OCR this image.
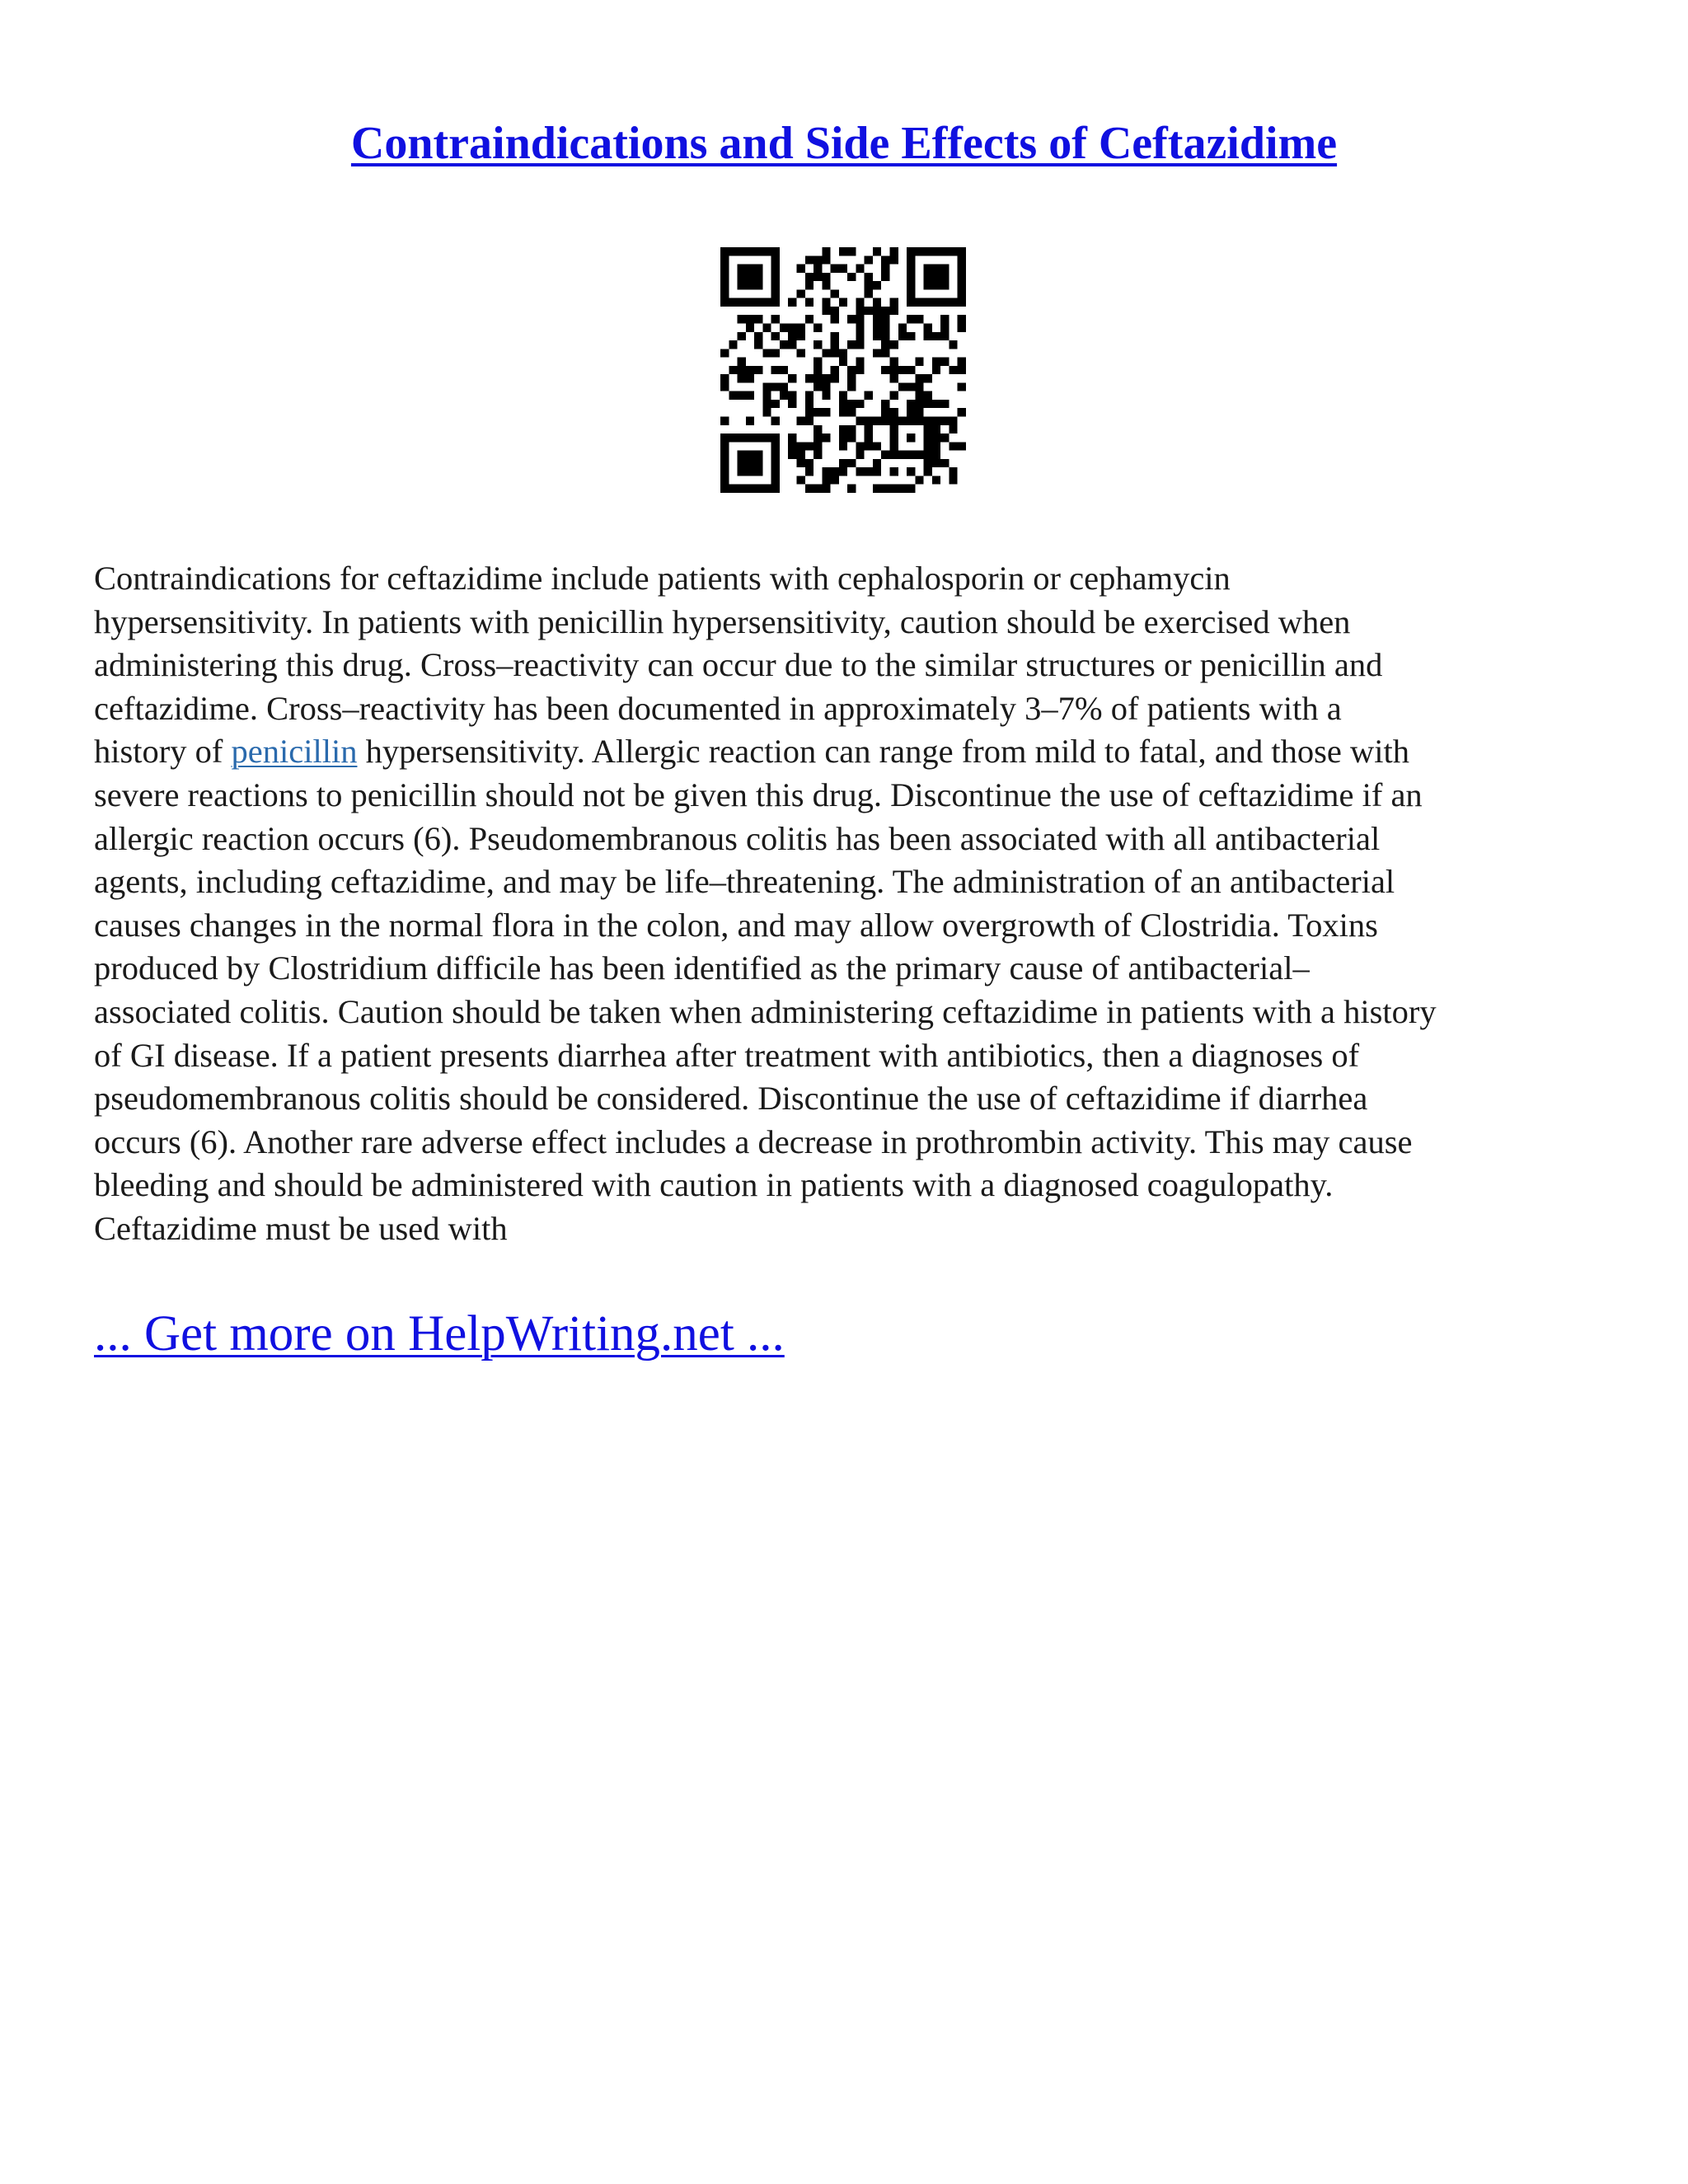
Contraindications and Side Effects of Ceftazidime
Contraindications for ceftazidime include patients with cephalosporin or cephamycin
hypersensitivity. In patients with penicillin hypersensitivity, caution should be exercised when
administering this drug. Cross–reactivity can occur due to the similar structures or penicillin and
ceftazidime. Cross–reactivity has been documented in approximately 3–7% of patients with a
history of penicillin hypersensitivity. Allergic reaction can range from mild to fatal, and those with
severe reactions to penicillin should not be given this drug. Discontinue the use of ceftazidime if an
allergic reaction occurs (6). Pseudomembranous colitis has been associated with all antibacterial
agents, including ceftazidime, and may be life–threatening. The administration of an antibacterial
causes changes in the normal flora in the colon, and may allow overgrowth of Clostridia. Toxins
produced by Clostridium difficile has been identified as the primary cause of antibacterial–
associated colitis. Caution should be taken when administering ceftazidime in patients with a history
of GI disease. If a patient presents diarrhea after treatment with antibiotics, then a diagnoses of
pseudomembranous colitis should be considered. Discontinue the use of ceftazidime if diarrhea
occurs (6). Another rare adverse effect includes a decrease in prothrombin activity. This may cause
bleeding and should be administered with caution in patients with a diagnosed coagulopathy.
Ceftazidime must be used with

... Get more on HelpWriting.net ...
